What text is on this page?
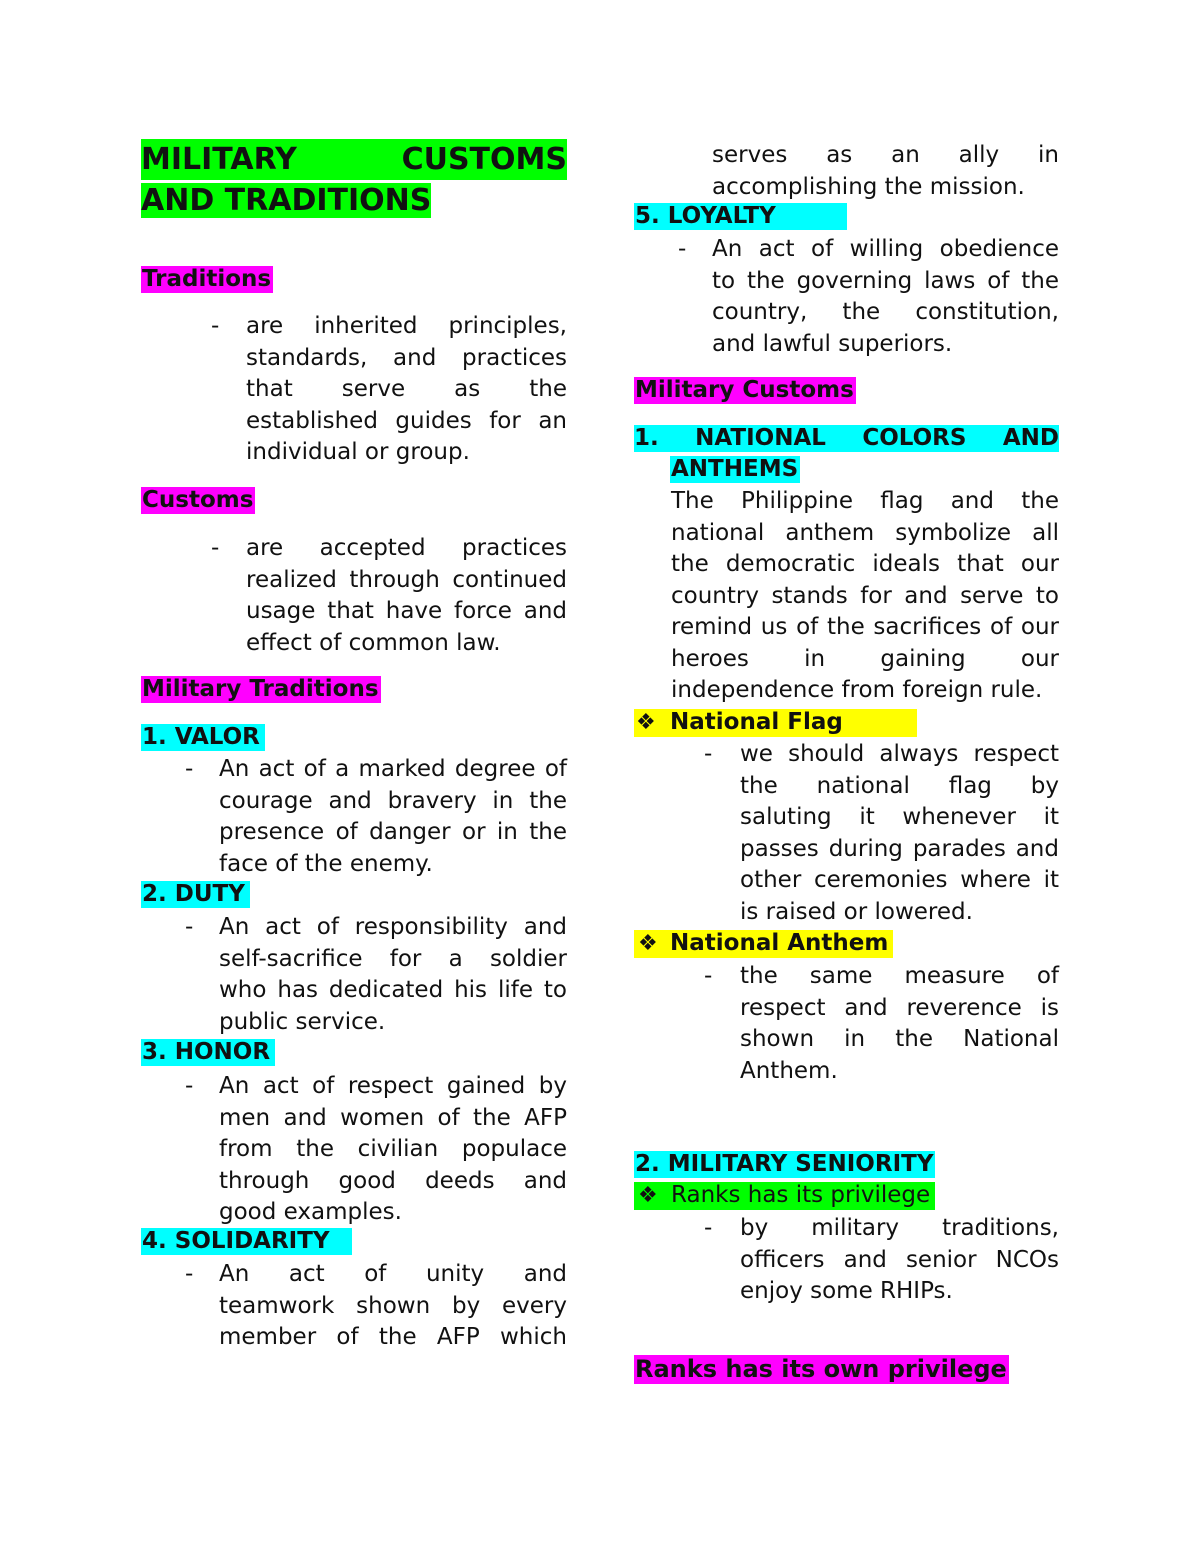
MILITARY	CUSTOMS
AND TRADITIONS
Traditions
- are inherited principles,
standards, and practices
that serve as the
established guides for an
individual or group.
Customs
- are accepted practices
realized through continued
usage that have force and
effect of common law.
Military Traditions
1. VALOR
- An act of a marked degree of
courage and bravery in the
presence of danger or in the
face of the enemy.
2. DUTY
- An act of responsibility and
self-sacrifice for a soldier
who has dedicated his life to
public service.
3. HONOR
- An act of respect gained by
men and women of the AFP
from the civilian populace
through good deeds and
good examples.
4. SOLIDARITY
- An act of unity and
teamwork shown by every
member of the AFP which
serves as an ally in
accomplishing the mission.
5. LOYALTY
- An act of willing obedience
to the governing laws of the
country, the constitution,
and lawful superiors.
Military Customs
1. NATIONAL COLORS AND
ANTHEMS
The Philippine flag and the
national anthem symbolize all
the democratic ideals that our
country stands for and serve to
remind us of the sacrifices of our
heroes in gaining our
independence from foreign rule.
❖ National Flag
- we should always respect
the national flag by
saluting it whenever it
passes during parades and
other ceremonies where it
is raised or lowered.
❖ National Anthem
- the same measure of
respect and reverence is
shown in the National
Anthem.
2. MILITARY SENIORITY
❖ Ranks has its privilege
- by military traditions,
officers and senior NCOs
enjoy some RHIPs.
Ranks has its own privilege
